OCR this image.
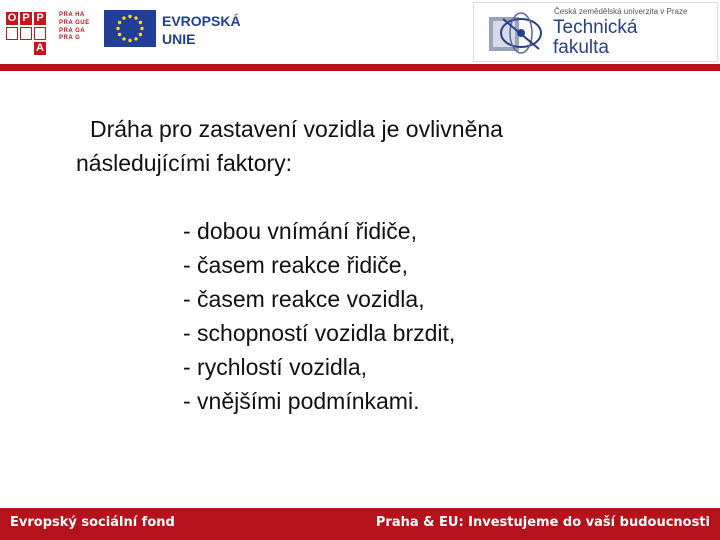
O P P
A
PRA HA
PRA GUE
PRA GA
PRA G
EVROPSKÁ
UNIE
Česká zemědělská univerzita v Praze
Technická
fakulta
Dráha pro zastavení vozidla je ovlivněna
následujícími faktory:
- dobou vnímání řidiče,
- časem reakce řidiče,
- časem reakce vozidla,
- schopností vozidla brzdit,
- rychlostí vozidla,
- vnějšími podmínkami.
Evropský sociální fond	Praha & EU: Investujeme do vaší budoucnosti
